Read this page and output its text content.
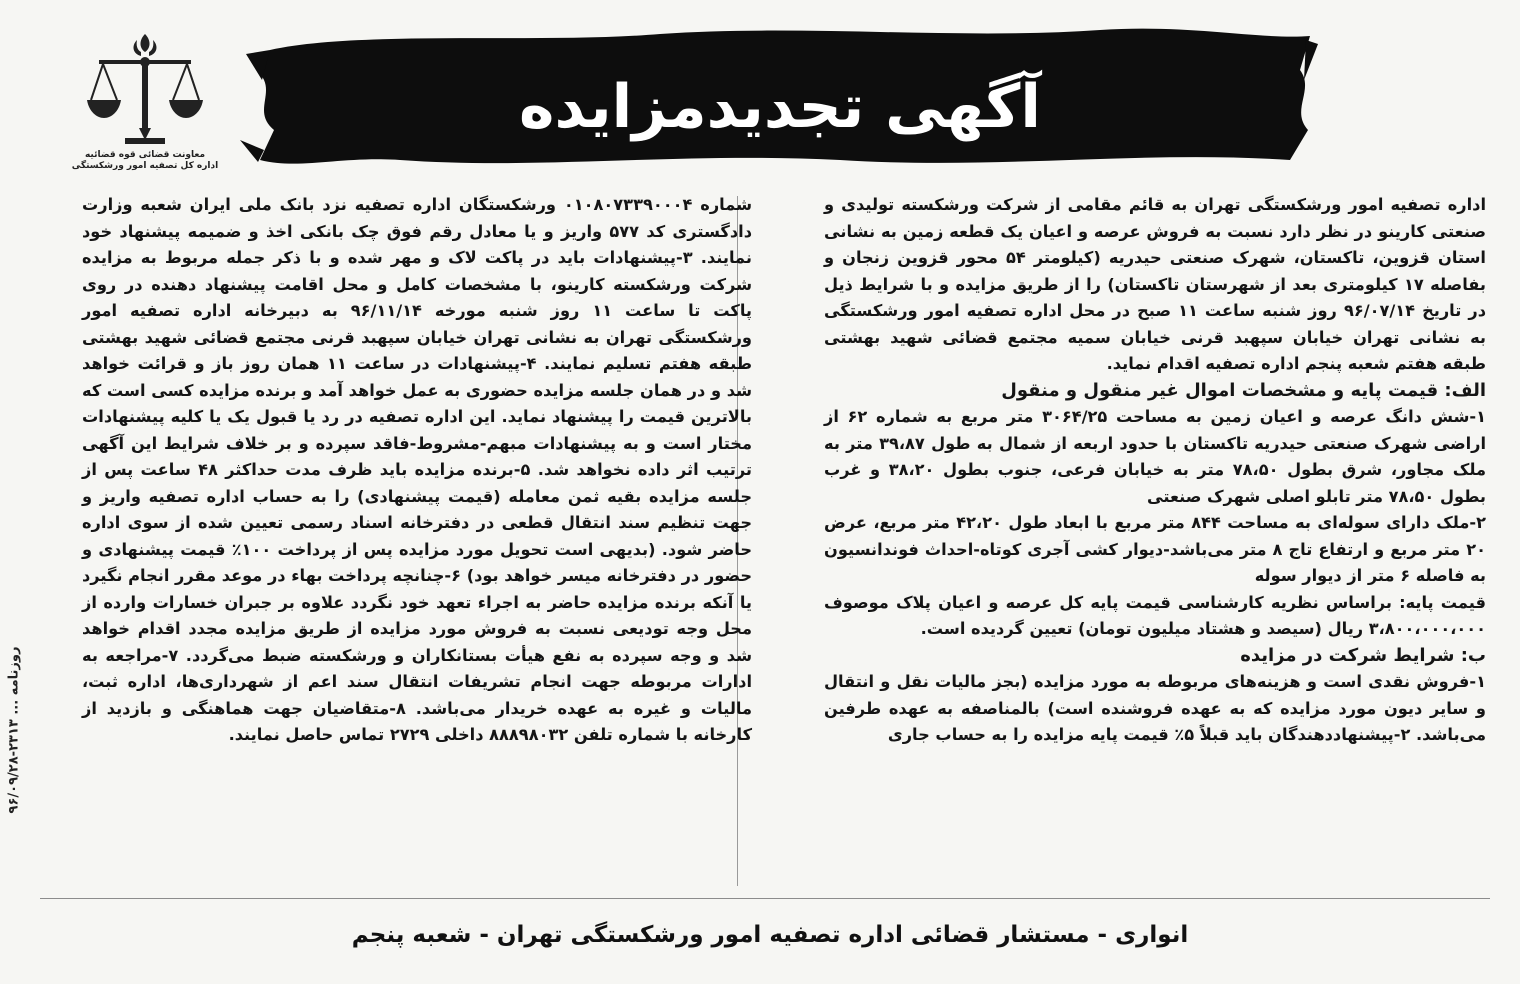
معاونت قضائی قوه قضائیه
اداره کل تصفیه امور ورشکستگی
آگهی تجدیدمزایده

اداره تصفیه امور ورشکستگی تهران به قائم مقامی از شرکت ورشکسته تولیدی و صنعتی کارینو در نظر دارد نسبت به فروش عرصه و اعیان یک قطعه زمین به نشانی استان قزوین، تاکستان، شهرک صنعتی حیدریه (کیلومتر ۵۴ محور قزوین زنجان و بفاصله ۱۷ کیلومتری بعد از شهرستان تاکستان) را از طریق مزایده و با شرایط ذیل در تاریخ ۹۶/۰۷/۱۴ روز شنبه ساعت ۱۱ صبح در محل اداره تصفیه امور ورشکستگی به نشانی تهران خیابان سپهبد قرنی خیابان سمیه مجتمع قضائی شهید بهشتی طبقه هفتم شعبه پنجم اداره تصفیه اقدام نماید.

الف: قیمت پایه و مشخصات اموال غیر منقول و منقول

۱-شش دانگ عرصه و اعیان زمین به مساحت ۳۰۶۴/۲۵ متر مربع به شماره ۶۲ از اراضی شهرک صنعتی حیدریه تاکستان با حدود اربعه از شمال به طول ۳۹،۸۷ متر به ملک مجاور، شرق بطول ۷۸،۵۰ متر به خیابان فرعی، جنوب بطول ۳۸،۲۰ و غرب بطول ۷۸،۵۰ متر تابلو اصلی شهرک صنعتی

۲-ملک دارای سوله‌ای به مساحت ۸۴۴ متر مربع با ابعاد طول ۴۲،۲۰ متر مربع، عرض ۲۰ متر مربع و ارتفاع تاج ۸ متر می‌باشد-دیوار کشی آجری کوتاه-احداث فوندانسیون به فاصله ۶ متر از دیوار سوله

قیمت پایه: براساس نظریه کارشناسی قیمت پایه کل عرصه و اعیان پلاک موصوف ۳،۸۰۰،۰۰۰،۰۰۰ ریال (سیصد و هشتاد میلیون تومان) تعیین گردیده است.

ب: شرایط شرکت در مزایده

۱-فروش نقدی است و هزینه‌های مربوطه به مورد مزایده (بجز مالیات نقل و انتقال و سایر دیون مورد مزایده که به عهده فروشنده است) بالمناصفه به عهده طرفین می‌باشد. ۲-پیشنهاددهندگان باید قبلاً ۵٪ قیمت پایه مزایده را به حساب جاری

شماره ۰۱۰۸۰۷۳۳۹۰۰۰۴ ورشکستگان اداره تصفیه نزد بانک ملی ایران شعبه وزارت دادگستری کد ۵۷۷ واریز و یا معادل رقم فوق چک بانکی اخذ و ضمیمه پیشنهاد خود نمایند. ۳-پیشنهادات باید در پاکت لاک و مهر شده و با ذکر جمله مربوط به مزایده شرکت ورشکسته کارینو، با مشخصات کامل و محل اقامت پیشنهاد دهنده در روی پاکت تا ساعت ۱۱ روز شنبه مورخه ۹۶/۱۱/۱۴ به دبیرخانه اداره تصفیه امور ورشکستگی تهران به نشانی تهران خیابان سپهبد قرنی مجتمع قضائی شهید بهشتی طبقه هفتم تسلیم نمایند. ۴-پیشنهادات در ساعت ۱۱ همان روز باز و قرائت خواهد شد و در همان جلسه مزایده حضوری به عمل خواهد آمد و برنده مزایده کسی است که بالاترین قیمت را پیشنهاد نماید. این اداره تصفیه در رد یا قبول یک یا کلیه پیشنهادات مختار است و به پیشنهادات مبهم-مشروط-فاقد سپرده و بر خلاف شرایط این آگهی ترتیب اثر داده نخواهد شد. ۵-برنده مزایده باید ظرف مدت حداکثر ۴۸ ساعت پس از جلسه مزایده بقیه ثمن معامله (قیمت پیشنهادی) را به حساب اداره تصفیه واریز و جهت تنظیم سند انتقال قطعی در دفترخانه اسناد رسمی تعیین شده از سوی اداره حاضر شود. (بدیهی است تحویل مورد مزایده پس از پرداخت ۱۰۰٪ قیمت پیشنهادی و حضور در دفترخانه میسر خواهد بود) ۶-چنانچه پرداخت بهاء در موعد مقرر انجام نگیرد یا آنکه برنده مزایده حاضر به اجراء تعهد خود نگردد علاوه بر جبران خسارات وارده از محل وجه تودیعی نسبت به فروش مورد مزایده از طریق مزایده مجدد اقدام خواهد شد و وجه سپرده به نفع هیأت بستانکاران و ورشکسته ضبط می‌گردد. ۷-مراجعه به ادارات مربوطه جهت انجام تشریفات انتقال سند اعم از شهرداری‌ها، اداره ثبت، مالیات و غیره به عهده خریدار می‌باشد. ۸-متقاضیان جهت هماهنگی و بازدید از کارخانه با شماره تلفن ۸۸۸۹۸۰۳۲ داخلی ۲۷۲۹ تماس حاصل نمایند.

روزنامه ... ۲۳۱۳-۹۶/۰۹/۲۸
انواری - مستشار قضائی اداره تصفیه امور ورشکستگی تهران - شعبه پنجم
